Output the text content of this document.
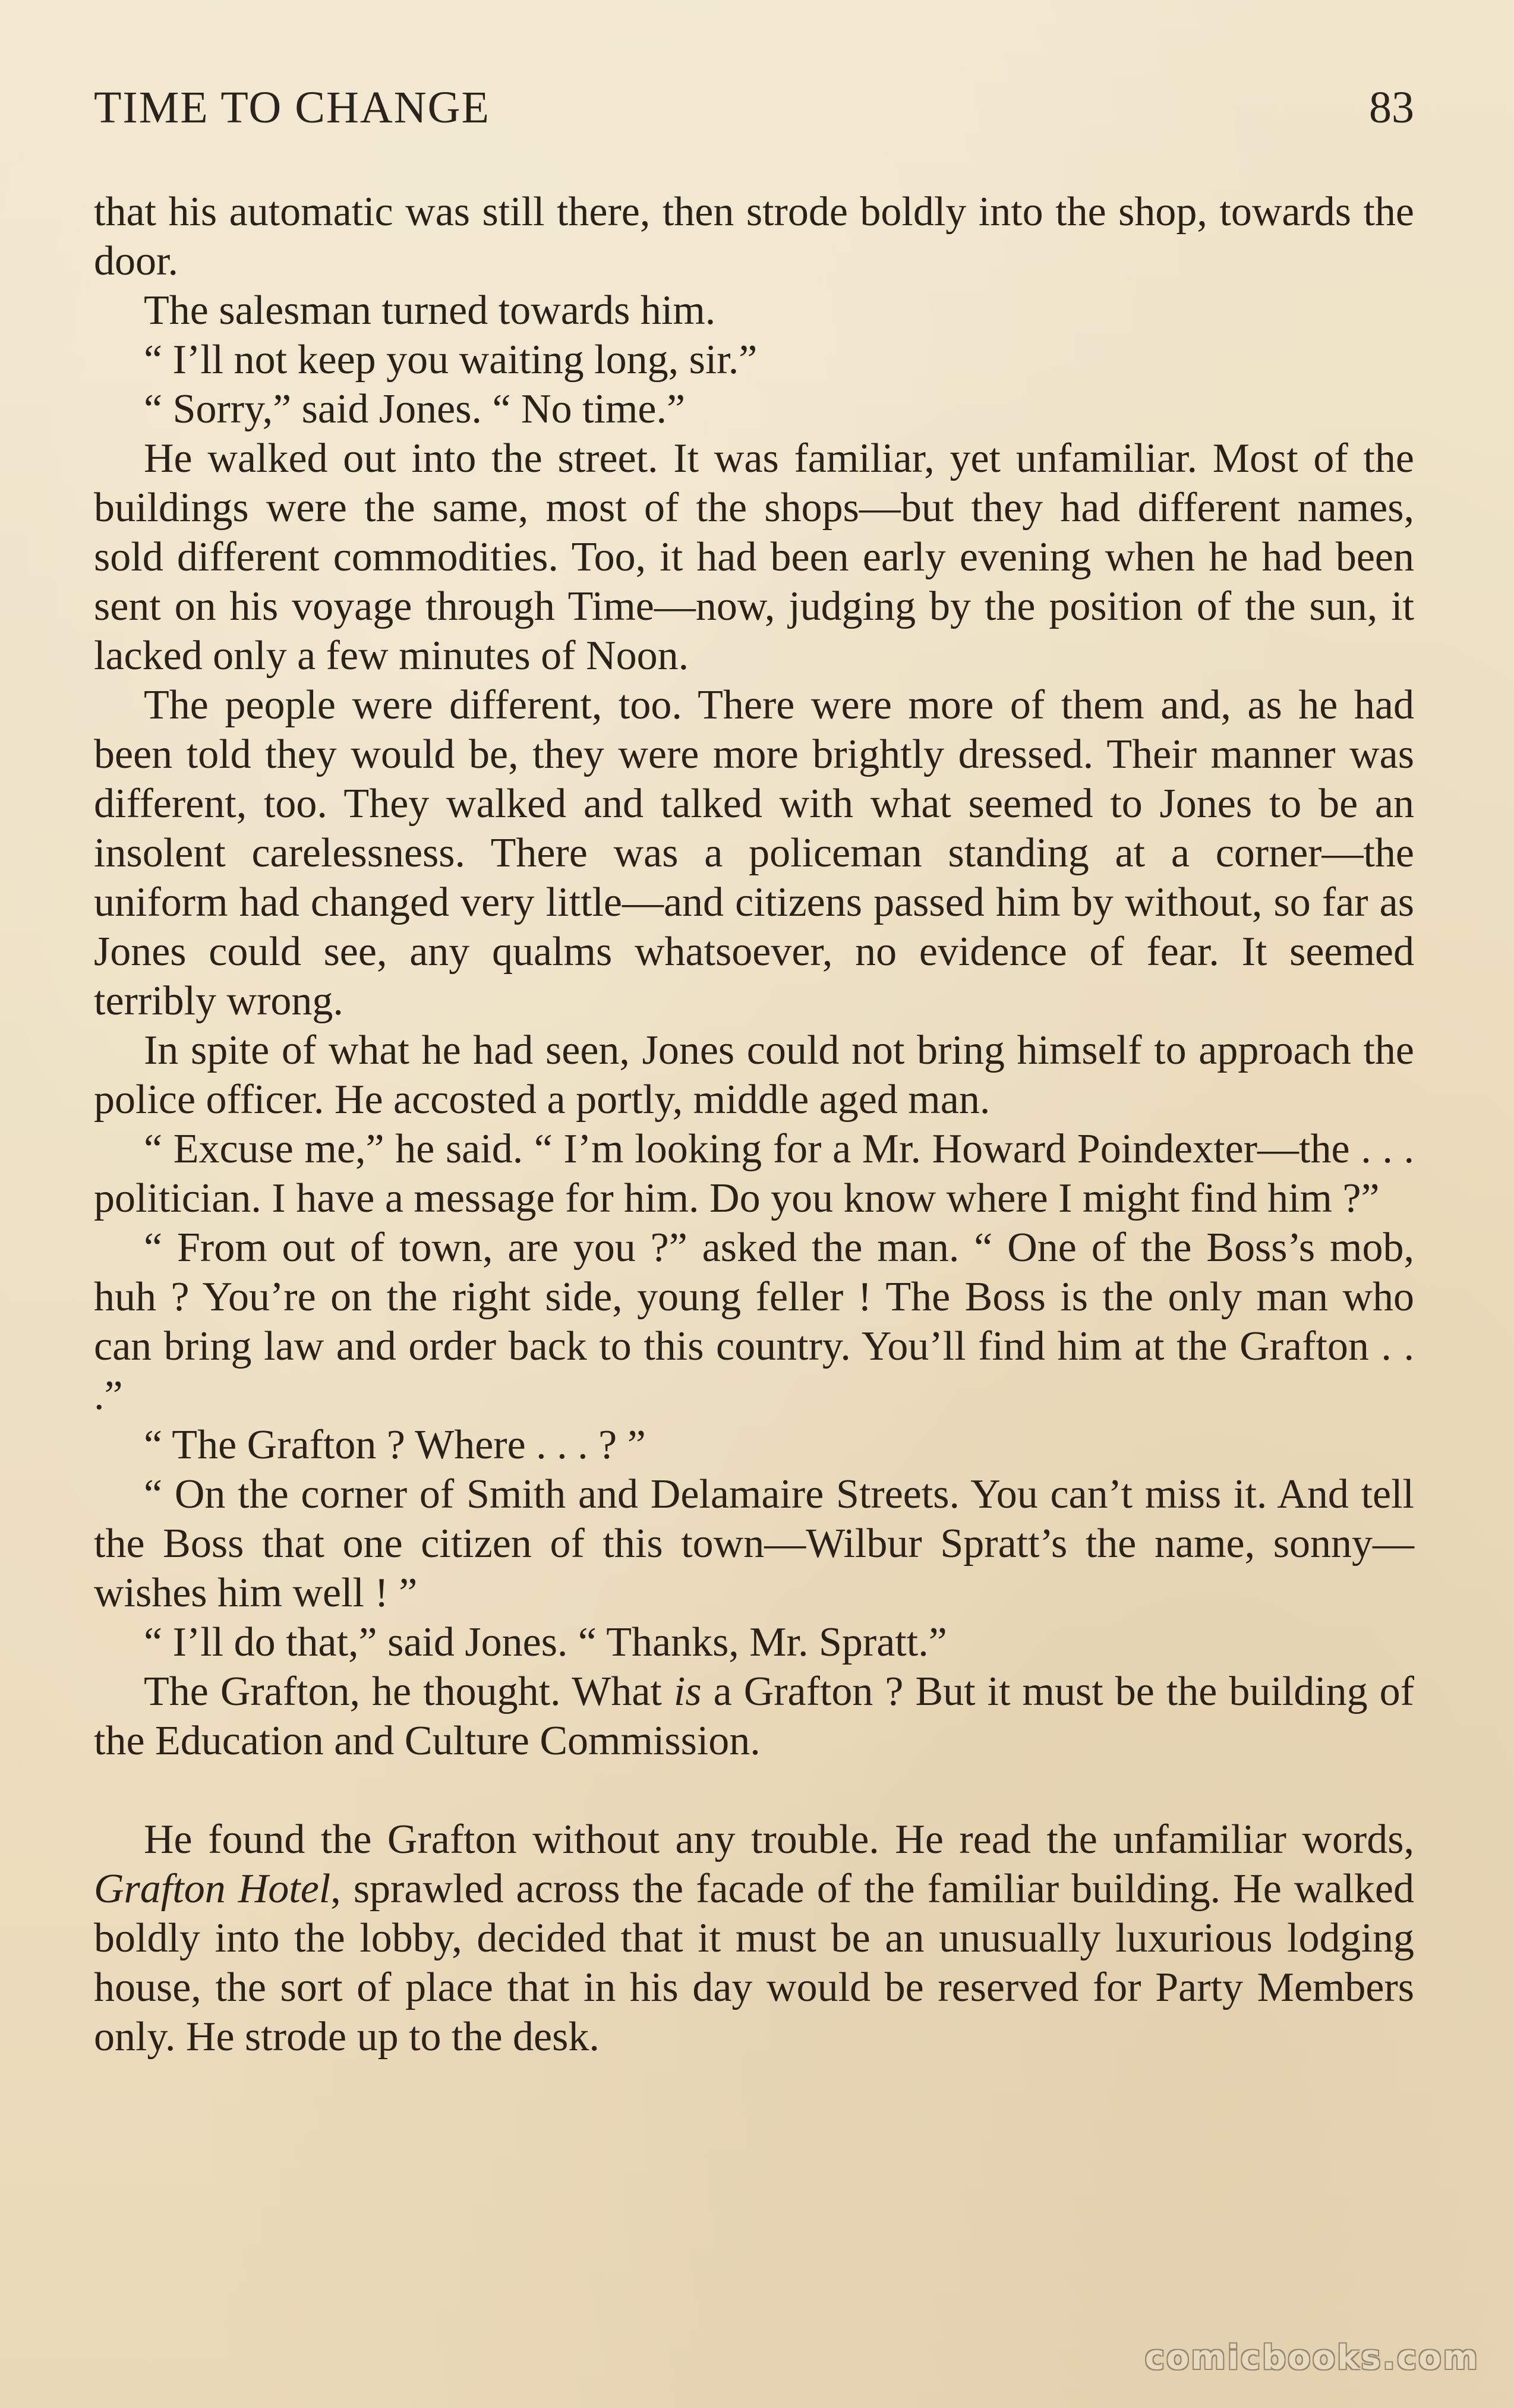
TIME TO CHANGE	83

that his automatic was still there, then strode boldly into the shop, towards the door.

The salesman turned towards him.

“ I’ll not keep you waiting long, sir.”

“ Sorry,” said Jones. “ No time.”

He walked out into the street. It was familiar, yet unfamiliar. Most of the buildings were the same, most of the shops—but they had different names, sold different commodities. Too, it had been early evening when he had been sent on his voyage through Time—now, judging by the position of the sun, it lacked only a few minutes of Noon.

The people were different, too. There were more of them and, as he had been told they would be, they were more brightly dressed. Their manner was different, too. They walked and talked with what seemed to Jones to be an insolent carelessness. There was a policeman standing at a corner—the uniform had changed very little—and citizens passed him by without, so far as Jones could see, any qualms whatsoever, no evidence of fear. It seemed terribly wrong.

In spite of what he had seen, Jones could not bring himself to approach the police officer. He accosted a portly, middle aged man.

“ Excuse me,” he said. “ I’m looking for a Mr. Howard Poindexter—the . . . politician. I have a message for him. Do you know where I might find him ?”

“ From out of town, are you ?” asked the man. “ One of the Boss’s mob, huh ? You’re on the right side, young feller ! The Boss is the only man who can bring law and order back to this country. You’ll find him at the Grafton . . .”

“ The Grafton ? Where . . . ? ”

“ On the corner of Smith and Delamaire Streets. You can’t miss it. And tell the Boss that one citizen of this town—Wilbur Spratt’s the name, sonny—wishes him well ! ”

“ I’ll do that,” said Jones. “ Thanks, Mr. Spratt.”

The Grafton, he thought. What is a Grafton ? But it must be the building of the Education and Culture Commission.

He found the Grafton without any trouble. He read the unfamiliar words, Grafton Hotel, sprawled across the facade of the familiar building. He walked boldly into the lobby, decided that it must be an unusually luxurious lodging house, the sort of place that in his day would be reserved for Party Members only. He strode up to the desk.

comicbooks.com
